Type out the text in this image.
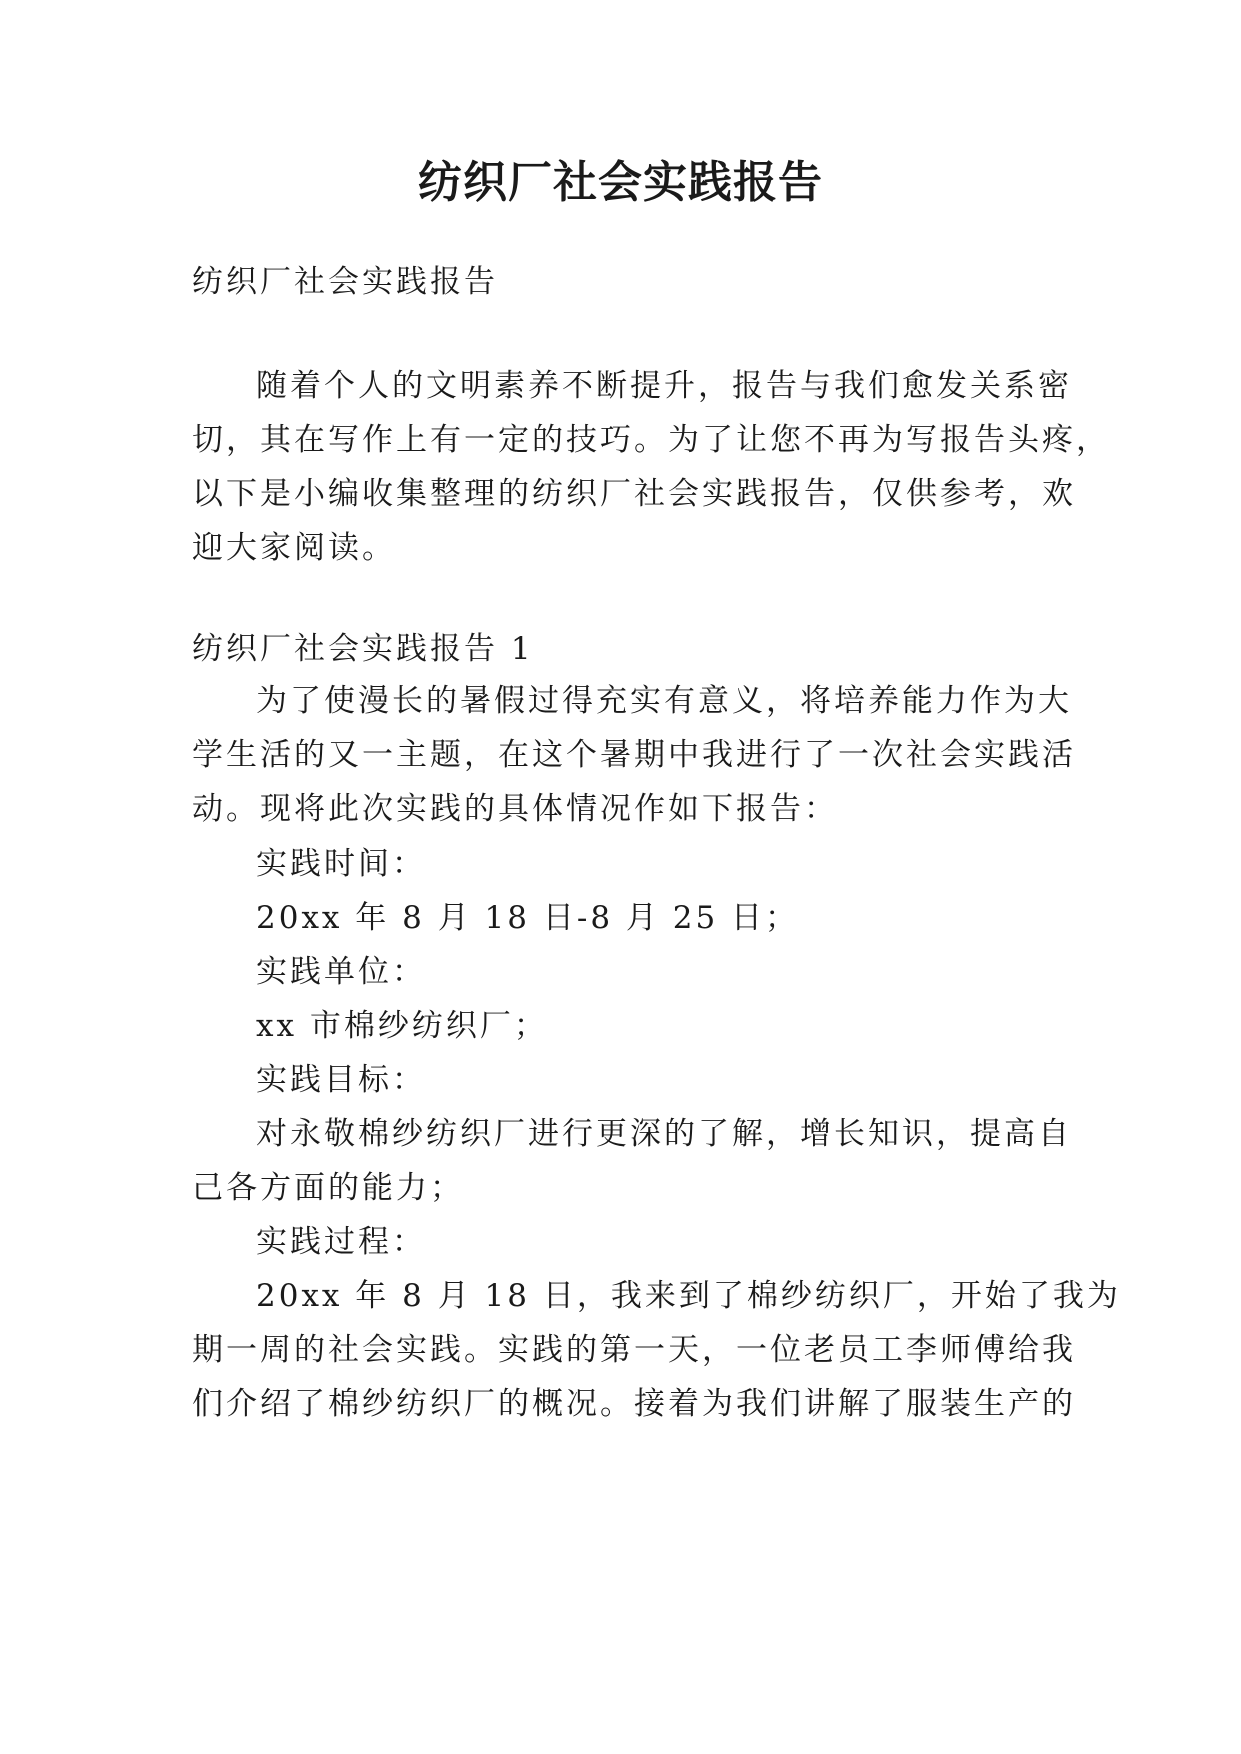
纺织厂社会实践报告
纺织厂社会实践报告
随着个人的文明素养不断提升，报告与我们愈发关系密
切，其在写作上有一定的技巧。为了让您不再为写报告头疼，
以下是小编收集整理的纺织厂社会实践报告，仅供参考，欢
迎大家阅读。
纺织厂社会实践报告 1
为了使漫长的暑假过得充实有意义，将培养能力作为大
学生活的又一主题，在这个暑期中我进行了一次社会实践活
动。现将此次实践的具体情况作如下报告：
实践时间：
20xx 年 8 月 18 日-8 月 25 日；
实践单位：
xx 市棉纱纺织厂；
实践目标：
对永敬棉纱纺织厂进行更深的了解，增长知识，提高自
己各方面的能力；
实践过程：
20xx 年 8 月 18 日，我来到了棉纱纺织厂，开始了我为
期一周的社会实践。实践的第一天，一位老员工李师傅给我
们介绍了棉纱纺织厂的概况。接着为我们讲解了服装生产的
